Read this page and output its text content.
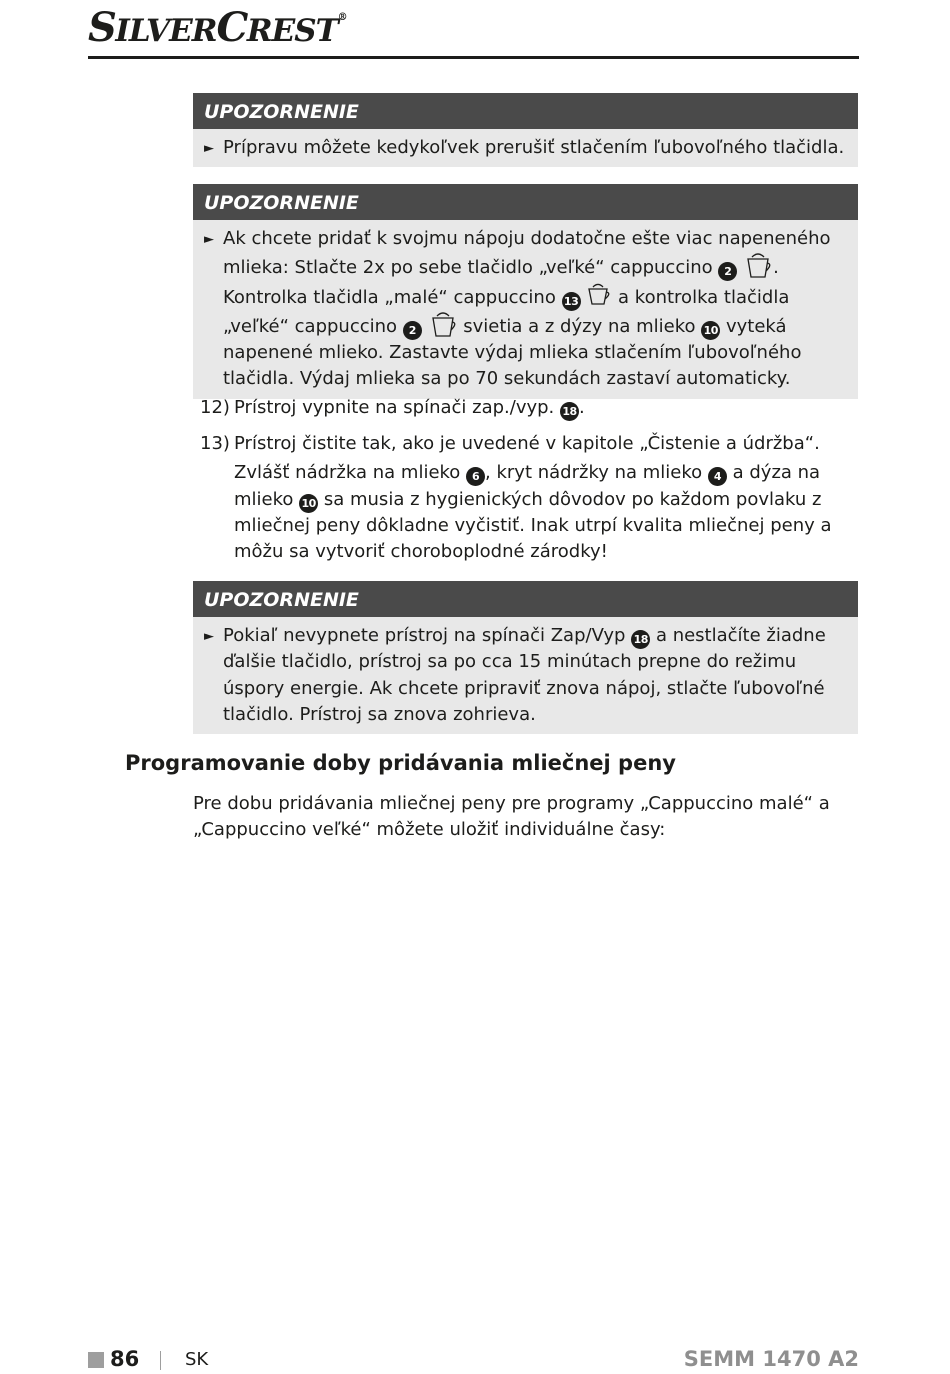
SILVERCREST®
UPOZORNENIE
► Prípravu môžete kedykoľvek prerušiť stlačením ľubovoľného tlačidla.
UPOZORNENIE
► Ak chcete pridať k svojmu nápoju dodatočne ešte viac napeneného mlieka: Stlačte 2x po sebe tlačidlo „veľké“ cappuccino 2 . Kontrolka tlačidla „malé“ cappuccino 13
a kontrolka tlačidla „veľké“ cappuccino 2
svietia a z dýzy na mlieko 10 vyteká napenené mlieko. Zastavte výdaj mlieka stlačením ľubovoľného tlačidla. Výdaj mlieka sa po 70 sekundách zastaví automaticky.
12) Prístroj vypnite na spínači zap./vyp. 18 .
13) Prístroj čistite tak, ako je uvedené v kapitole „Čistenie a údržba“.
Zvlášť nádržka na mlieko 6 , kryt nádržky na mlieko 4 a dýza na mlieko 10 sa musia z hygienických dôvodov po každom povlaku z mliečnej peny dôkladne vyčistiť. Inak utrpí kvalita mliečnej peny a môžu sa vytvoriť choroboplodné zárodky!
UPOZORNENIE
► Pokiaľ nevypnete prístroj na spínači Zap/Vyp 18 a nestlačíte žiadne ďalšie tlačidlo, prístroj sa po cca 15 minútach prepne do režimu úspory energie. Ak chcete pripraviť znova nápoj, stlačte ľubovoľné tlačidlo. Prístroj sa znova zohrieva.
Programovanie doby pridávania mliečnej peny
Pre dobu pridávania mliečnej peny pre programy „Cappuccino malé“ a „Cappuccino veľké“ môžete uložiť individuálne časy:
86	SK	SEMM 1470 A2
